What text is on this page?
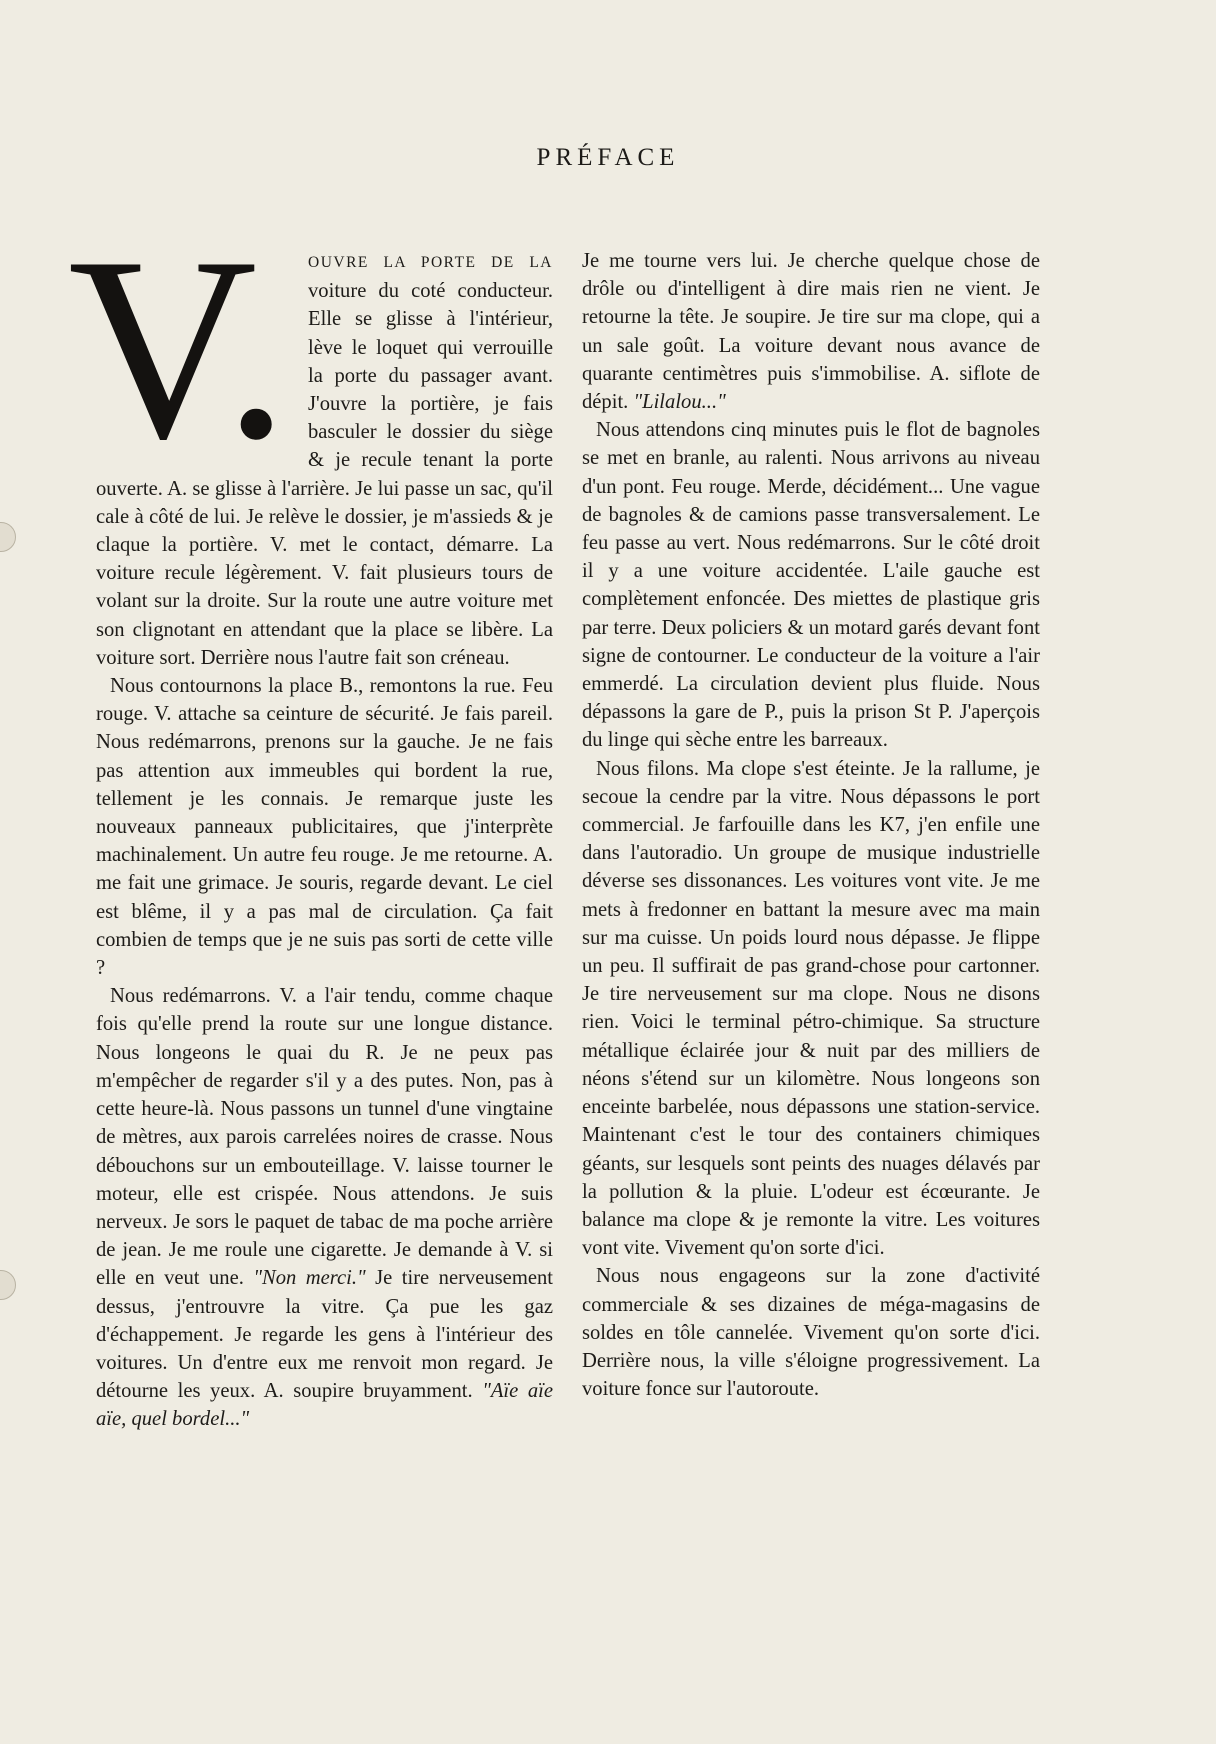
PRÉFACE
V.	OUVRE LA PORTE DE LA voiture du coté conducteur. Elle se glisse à l'intérieur, lève le loquet qui verrouille la porte du passager avant. J'ouvre la portière, je fais basculer le dossier du siège & je recule tenant la porte ouverte. A. se glisse à l'arrière. Je lui passe un sac, qu'il cale à côté de lui. Je relève le dossier, je m'assieds & je claque la portière. V. met le contact, démarre. La voiture recule légèrement. V. fait plusieurs tours de volant sur la droite. Sur la route une autre voiture met son clignotant en attendant que la place se libère. La voiture sort. Derrière nous l'autre fait son créneau.

Nous contournons la place B., remontons la rue. Feu rouge. V. attache sa ceinture de sécurité. Je fais pareil. Nous redémarrons, prenons sur la gauche. Je ne fais pas attention aux immeubles qui bordent la rue, tellement je les connais. Je remarque juste les nouveaux panneaux publicitaires, que j'interprète machinalement. Un autre feu rouge. Je me retourne. A. me fait une grimace. Je souris, regarde devant. Le ciel est blême, il y a pas mal de circulation. Ça fait combien de temps que je ne suis pas sorti de cette ville ?

Nous redémarrons. V. a l'air tendu, comme chaque fois qu'elle prend la route sur une longue distance. Nous longeons le quai du R. Je ne peux pas m'empêcher de regarder s'il y a des putes. Non, pas à cette heure-là. Nous passons un tunnel d'une vingtaine de mètres, aux parois carrelées noires de crasse. Nous débouchons sur un embouteillage. V. laisse tourner le moteur, elle est crispée. Nous attendons. Je suis nerveux. Je sors le paquet de tabac de ma poche arrière de jean. Je me roule une cigarette. Je demande à V. si elle en veut une. "Non merci." Je tire nerveusement dessus, j'entrouvre la vitre. Ça pue les gaz d'échappement. Je regarde les gens à l'intérieur des voitures. Un d'entre eux me renvoit mon regard. Je détourne les yeux. A. soupire bruyamment. "Aïe aïe aïe, quel bordel..."

Je me tourne vers lui. Je cherche quelque chose de drôle ou d'intelligent à dire mais rien ne vient. Je retourne la tête. Je soupire. Je tire sur ma clope, qui a un sale goût. La voiture devant nous avance de quarante centimètres puis s'immobilise. A. siflote de dépit. "Lilalou..."

Nous attendons cinq minutes puis le flot de bagnoles se met en branle, au ralenti. Nous arrivons au niveau d'un pont. Feu rouge. Merde, décidément... Une vague de bagnoles & de camions passe transversalement. Le feu passe au vert. Nous redémarrons. Sur le côté droit il y a une voiture accidentée. L'aile gauche est complètement enfoncée. Des miettes de plastique gris par terre. Deux policiers & un motard garés devant font signe de contourner. Le conducteur de la voiture a l'air emmerdé. La circulation devient plus fluide. Nous dépassons la gare de P., puis la prison St P. J'aperçois du linge qui sèche entre les barreaux.

Nous filons. Ma clope s'est éteinte. Je la rallume, je secoue la cendre par la vitre. Nous dépassons le port commercial. Je farfouille dans les K7, j'en enfile une dans l'autoradio. Un groupe de musique industrielle déverse ses dissonances. Les voitures vont vite. Je me mets à fredonner en battant la mesure avec ma main sur ma cuisse. Un poids lourd nous dépasse. Je flippe un peu. Il suffirait de pas grand-chose pour cartonner. Je tire nerveusement sur ma clope. Nous ne disons rien. Voici le terminal pétro-chimique. Sa structure métallique éclairée jour & nuit par des milliers de néons s'étend sur un kilomètre. Nous longeons son enceinte barbelée, nous dépassons une station-service. Maintenant c'est le tour des containers chimiques géants, sur lesquels sont peints des nuages délavés par la pollution & la pluie. L'odeur est écœurante. Je balance ma clope & je remonte la vitre. Les voitures vont vite. Vivement qu'on sorte d'ici.

Nous nous engageons sur la zone d'activité commerciale & ses dizaines de méga-magasins de soldes en tôle cannelée. Vivement qu'on sorte d'ici. Derrière nous, la ville s'éloigne progressivement. La voiture fonce sur l'autoroute.
